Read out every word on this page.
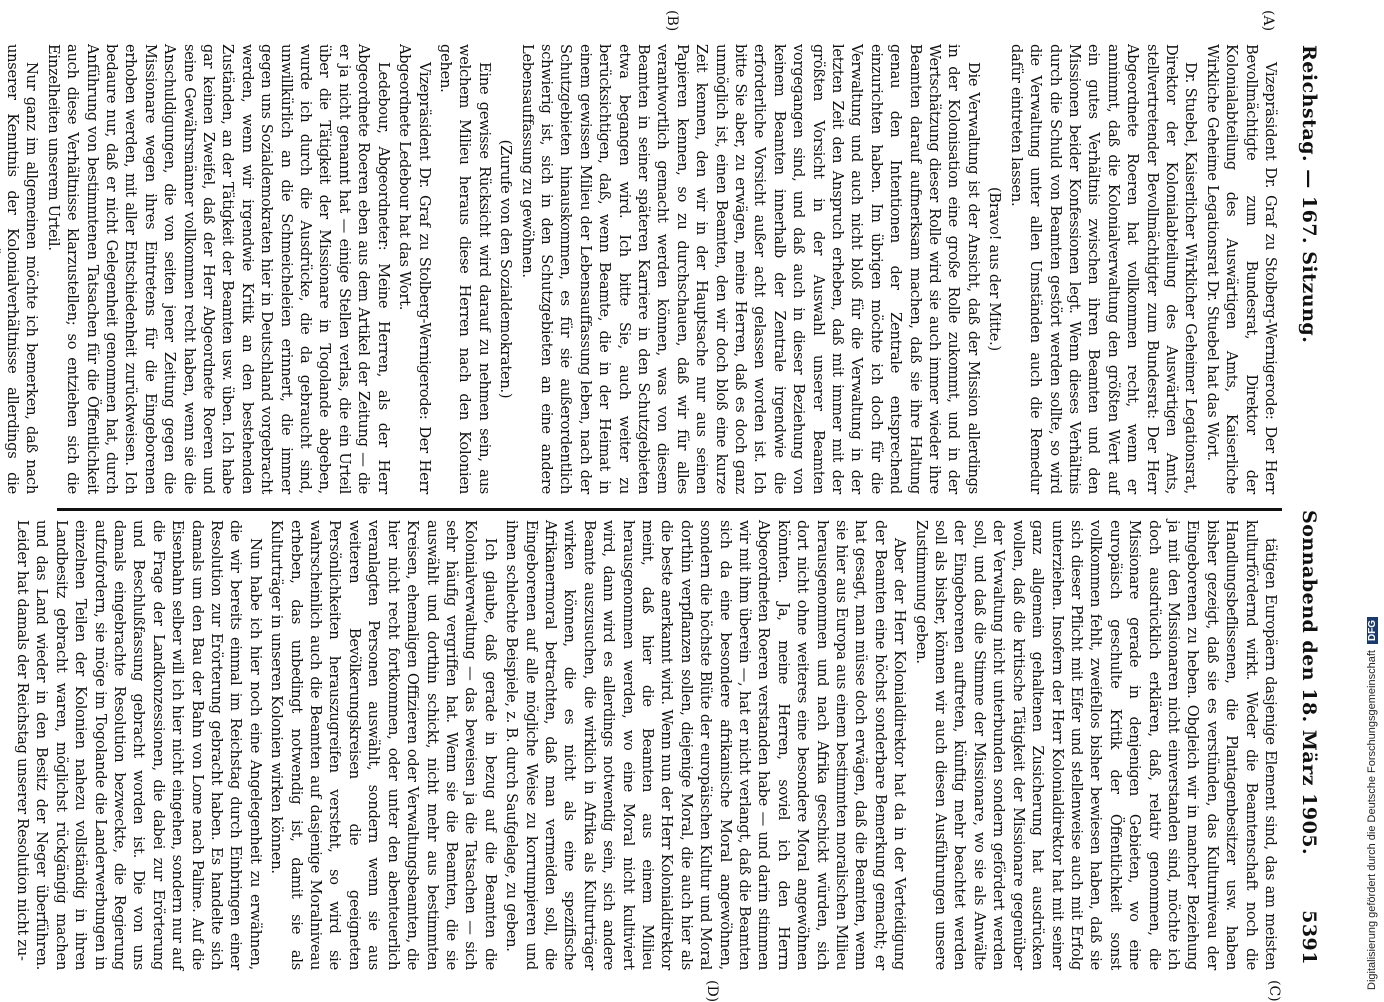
Reichstag. — 167. Sitzung.
Sonnabend den 18. März 1905.
5391
(A)
(B)
(C)
(D)

Vizepräsident Dr. Graf zu Stolberg-Wernigerode: Der Herr Bevollmächtigte zum Bundesrat, Direktor der Kolonialabteilung des Auswärtigen Amts, Kaiserliche Wirkliche Geheime Legationsrat Dr. Stuebel hat das Wort.

Dr. Stuebel, Kaiserlicher Wirklicher Geheimer Legationsrat, Direktor der Kolonialabteilung des Auswärtigen Amts, stellvertretender Bevollmächtigter zum Bundesrat: Der Herr Abgeordnete Roeren hat vollkommen recht, wenn er annimmt, daß die Kolonialverwaltung den größten Wert auf ein gutes Verhältnis zwischen ihren Beamten und den Missionen beider Konfessionen legt. Wenn dieses Verhältnis durch die Schuld von Beamten gestört werden sollte, so wird die Verwaltung unter allen Umständen auch die Remedur dafür eintreten lassen.

(Bravo! aus der Mitte.)

Die Verwaltung ist der Ansicht, daß der Mission allerdings in der Kolonisation eine große Rolle zukommt, und in der Wertschätzung dieser Rolle wird sie auch immer wieder ihre Beamten darauf aufmerksam machen, daß sie ihre Haltung genau den Intentionen der Zentrale entsprechend einzurichten haben. Im übrigen möchte ich doch für die Verwaltung und auch nicht bloß für die Verwaltung in der letzten Zeit den Anspruch erheben, daß mit immer mit der größten Vorsicht in der Auswahl unserer Beamten vorgegangen sind, und daß auch in dieser Beziehung von keinem Beamten innerhalb der Zentrale irgendwie die erforderliche Vorsicht außer acht gelassen worden ist. Ich bitte Sie aber, zu erwägen, meine Herren, daß es doch ganz unmöglich ist, einen Beamten, den wir doch bloß eine kurze Zeit kennen, den wir in der Hauptsache nur aus seinen Papieren kennen, so zu durchschauen, daß wir für alles verantwortlich gemacht werden können, was von diesem Beamten in seiner späteren Karriere in den Schutzgebieten etwa begangen wird. Ich bitte Sie, auch weiter zu berücksichtigen, daß, wenn Beamte, die in der Heimat in einem gewissen Milieu der Lebensauffassung leben, nach der Schutzgebieten hinauskommen, es für sie außerordentlich schwierig ist, sich in den Schutzgebieten an eine andere Lebensauffassung zu gewöhnen.

(Zurufe von den Sozialdemokraten.)

Eine gewisse Rücksicht wird darauf zu nehmen sein, aus welchem Milieu heraus diese Herren nach den Kolonien gehen.

Vizepräsident Dr. Graf zu Stolberg-Wernigerode: Der Herr Abgeordnete Ledebour hat das Wort.

Ledebour, Abgeordneter: Meine Herren, als der Herr Abgeordnete Roeren eben aus dem Artikel der Zeitung — die er ja nicht genannt hat — einige Stellen verlas, die ein Urteil über die Tätigkeit der Missionare in Togolande abgeben, wurde ich durch die Ausdrücke, die da gebraucht sind, unwillkürlich an die Schmeicheleien erinnert, die immer gegen uns Sozialdemokraten hier in Deutschland vorgebracht werden, wenn wir irgendwie Kritik an den bestehenden Zuständen, an der Tätigkeit der Beamten usw. üben. Ich habe gar keinen Zweifel, daß der Herr Abgeordnete Roeren und seine Gewährsmänner vollkommen recht haben, wenn sie die Anschuldigungen, die von seiten jener Zeitung gegen die Missionare wegen ihres Eintretens für die Eingeborenen erhoben werden, mit aller Entschiedenheit zurückweisen. Ich bedaure nur, daß er nicht Gelegenheit genommen hat, durch Anführung von bestimmtenen Tatsachen für die Öffentlichkeit auch diese Verhältnisse klarzustellen; so entziehen sich die Einzelheiten unserem Urteil.

Nur ganz im allgemeinen möchte ich bemerken, daß nach unserer Kenntnis der Kolonialverhältnisse allerdings die

tätigen Europäern dasjenige Element sind, das am meisten kulturfördernd wirkt. Weder die Beamtenschaft noch die Handlungsbeflissenen, die Plantagenbesitzer usw. haben bisher gezeigt, daß sie es verstünden, das Kulturniveau der Eingeborenen zu heben. Obgleich wir in mancher Beziehung ja mit den Missionaren nicht einverstanden sind, möchte ich doch ausdrücklich erklären, daß, relativ genommen, die Missionare gerade in denjenigen Gebieten, wo eine europäisch geschulte Kritik der Öffentlichkeit sonst vollkommen fehlt, zweifellos bisher bewiesen haben, daß sie sich dieser Pflicht mit Eifer und stellenweise auch mit Erfolg unterziehen. Insofern der Herr Kolonialdirektor hat mit seiner ganz allgemein gehaltenen Zusicherung hat ausdrücken wollen, daß die kritische Tätigkeit der Missionare gegenüber der Verwaltung nicht unterbunden sondern gefördert werden soll, und daß die Stimme der Missionare, wo sie als Anwälte der Eingeborenen auftreten, künftig mehr beachtet werden soll als bisher, können wir auch diesen Ausführungen unsere Zustimmung geben.

Aber der Herr Kolonialdirektor hat da in der Verteidigung der Beamten eine höchst sonderbare Bemerkung gemacht; er hat gesagt, man müsse doch erwägen, daß die Beamten, wenn sie hier aus Europa aus einem bestimmten moralischen Milieu herausgenommen und nach Afrika geschickt würden, sich dort nicht ohne weiteres eine besondere Moral angewöhnen könnten. Ja, meine Herren, soviel ich den Herrn Abgeordneten Roeren verstanden habe — und darin stimmen wir mit ihm überein —, hat er nicht verlangt, daß die Beamten sich da eine besondere afrikanische Moral angewöhnen, sondern die höchste Blüte der europäischen Kultur und Moral dorthin verpflanzen sollen, diejenige Moral, die auch hier als die beste anerkannt wird. Wenn nun der Herr Kolonialdirektor meint, daß hier die Beamten aus einem Milieu herausgenommen werden, wo eine Moral nicht kultiviert wird, dann wird es allerdings notwendig sein, sich andere Beamte auszusuchen, die wirklich in Afrika als Kulturträger wirken können, die es nicht als eine spezifische Afrikanermoral betrachten, daß man vermeiden soll, die Eingeborenen auf alle mögliche Weise zu korrumpieren und ihnen schlechte Beispiele, z. B. durch Saufgelage, zu geben.

Ich glaube, daß gerade in bezug auf die Beamten die Kolonialverwaltung — das beweisen ja die Tatsachen — sich sehr häufig vergriffen hat. Wenn sie die Beamten, die sie auswählt und dorthin schickt, nicht mehr aus bestimmten Kreisen, ehemaligen Offizieren oder Verwaltungsbeamten, die hier nicht recht fortkommen, oder unter den abenteuerlich veranlagten Personen auswählt, sondern wenn sie aus weiteren Bevölkerungskreisen die geeigneten Persönlichkeiten herauszugreifen versteht, so wird sie wahrscheinlich auch die Beamten auf dasjenige Moralniveau erheben, das unbedingt notwendig ist, damit sie als Kulturträger in unseren Kolonien wirken können.

Nun habe ich hier noch eine Angelegenheit zu erwähnen, die wir bereits einmal im Reichstag durch Einbringen einer Resolution zur Erörterung gebracht haben. Es handelte sich damals um den Bau der Bahn von Lome nach Palime. Auf die Eisenbahn selber will ich hier nicht eingehen, sondern nur auf die Frage der Landkonzessionen, die dabei zur Erörterung und Beschlußfassung gebracht worden ist. Die von uns damals eingebrachte Resolution bezweckte, die Regierung aufzufordern, sie möge im Togolande die Landerwerbungen in einzelnen Teilen der Kolonien nahezu vollständig in ihren Landbesitz gebracht waren, möglichst rückgängig machen und das Land wieder in den Besitz der Neger überführen. Leider hat damals der Reichstag unserer Resolution nicht zu-	Digitalisierung gefördert durch die Deutsche ForschungsgemeinschaftDFG
